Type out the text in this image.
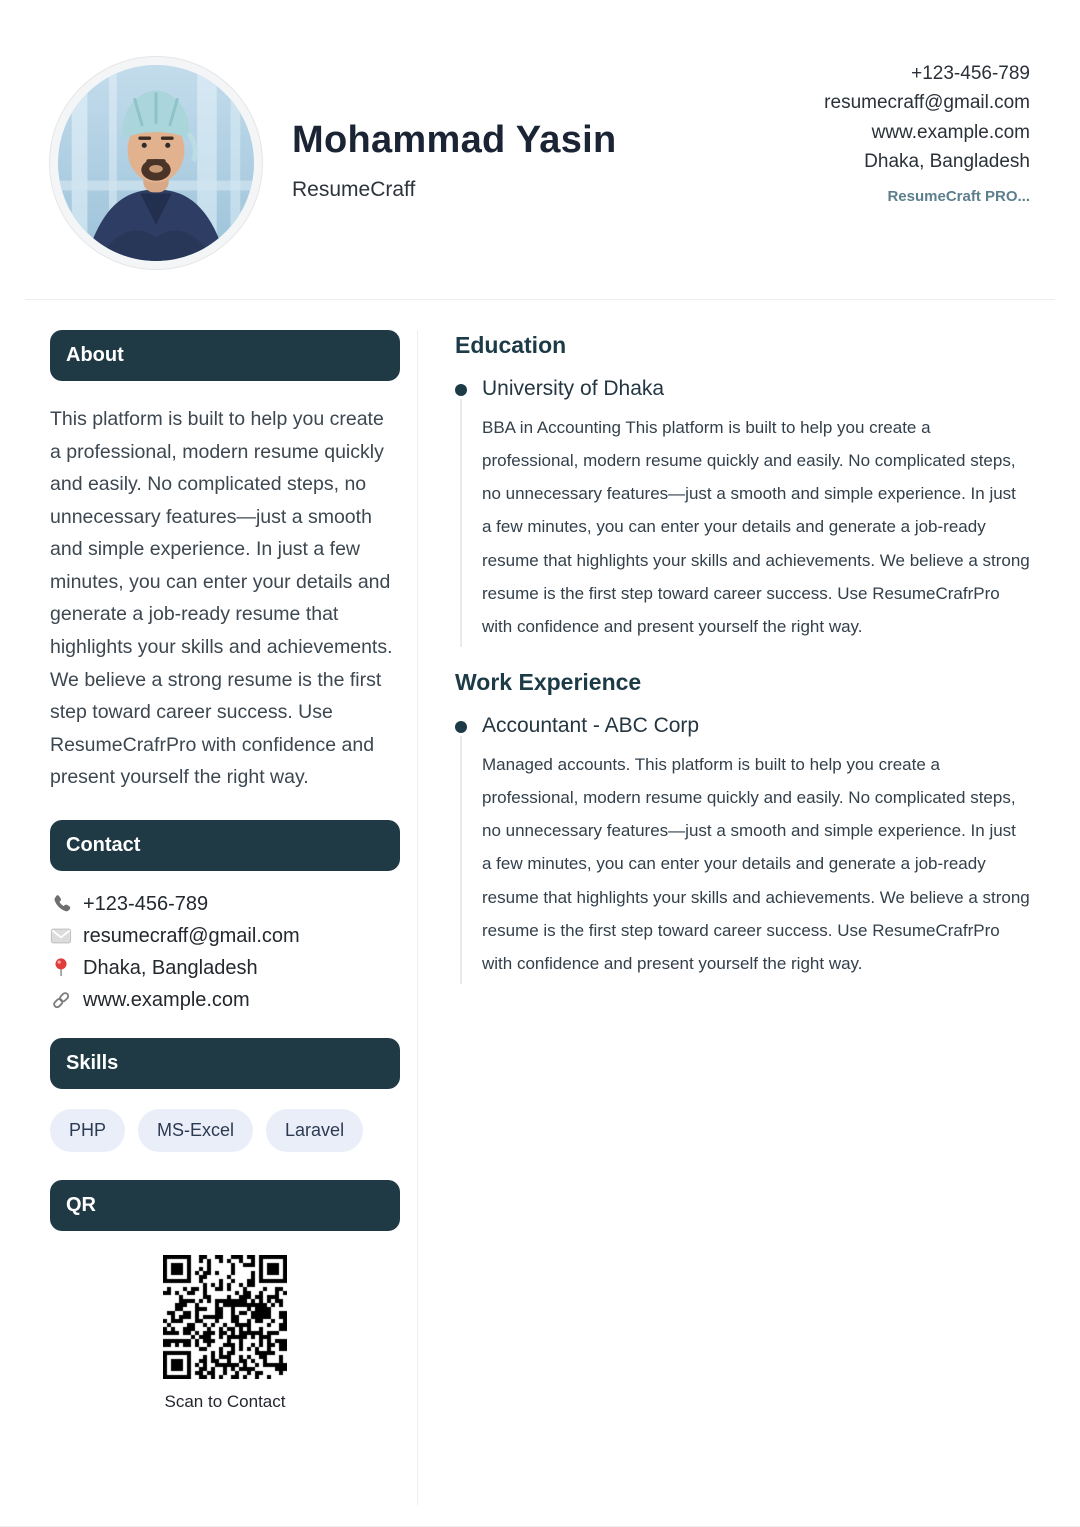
Mohammad Yasin
ResumeCraff
+123-456-789
resumecraff@gmail.com
www.example.com
Dhaka, Bangladesh
ResumeCraft PRO...
About
This platform is built to help you create a professional, modern resume quickly and easily. No complicated steps, no unnecessary features—just a smooth and simple experience. In just a few minutes, you can enter your details and generate a job-ready resume that highlights your skills and achievements. We believe a strong resume is the first step toward career success. Use ResumeCrafrPro with confidence and present yourself the right way.
Contact
+123-456-789
resumecraff@gmail.com
Dhaka, Bangladesh
www.example.com
Skills
PHP	MS-Excel	Laravel
QR
Scan to Contact
Education
University of Dhaka
BBA in Accounting This platform is built to help you create a professional, modern resume quickly and easily. No complicated steps, no unnecessary features—just a smooth and simple experience. In just a few minutes, you can enter your details and generate a job-ready resume that highlights your skills and achievements. We believe a strong resume is the first step toward career success. Use ResumeCrafrPro with confidence and present yourself the right way.
Work Experience
Accountant - ABC Corp
Managed accounts. This platform is built to help you create a professional, modern resume quickly and easily. No complicated steps, no unnecessary features—just a smooth and simple experience. In just a few minutes, you can enter your details and generate a job-ready resume that highlights your skills and achievements. We believe a strong resume is the first step toward career success. Use ResumeCrafrPro with confidence and present yourself the right way.
